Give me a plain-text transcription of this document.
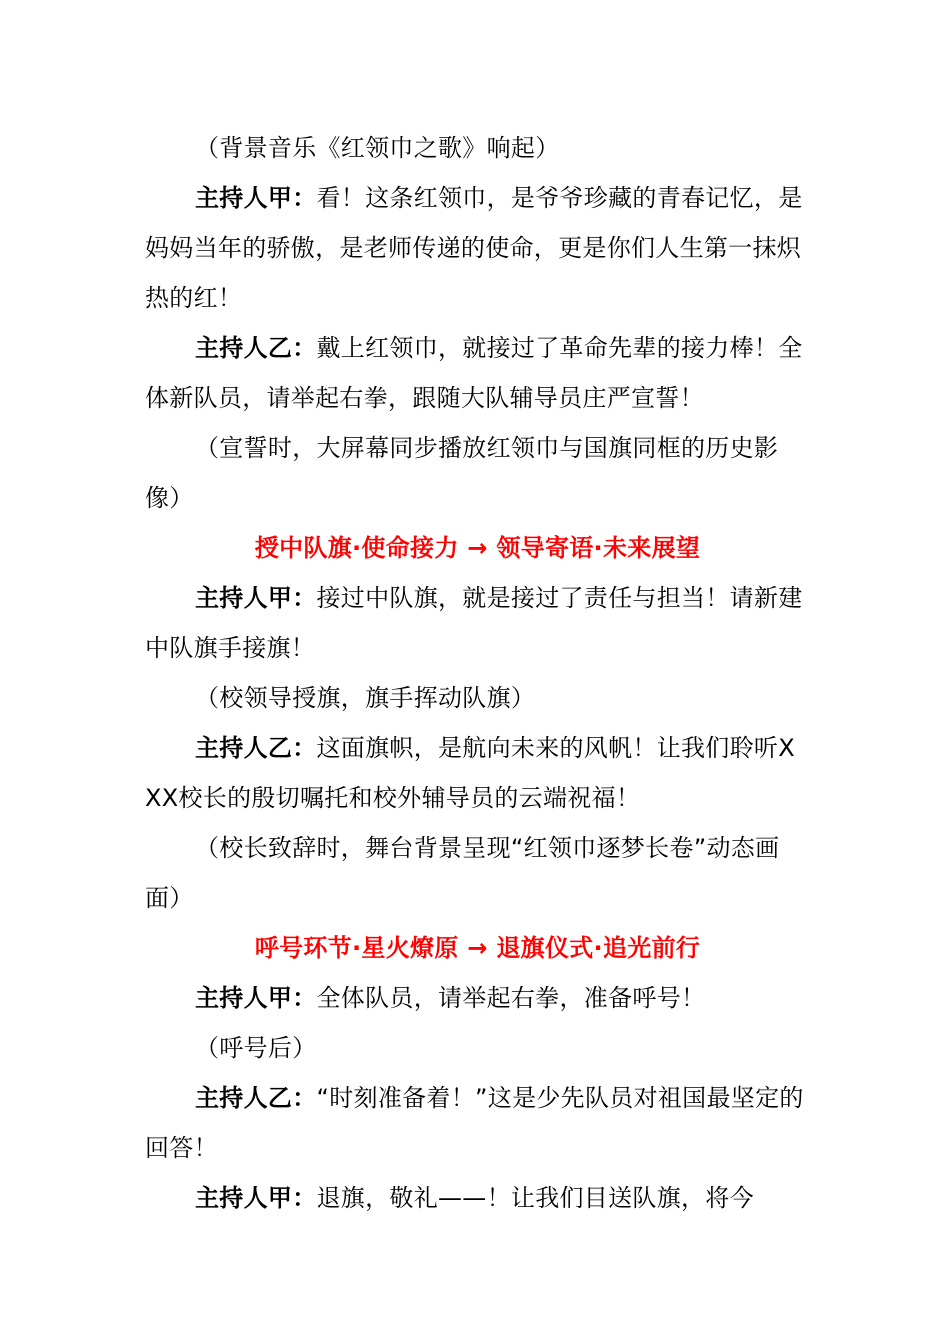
（背景音乐《红领巾之歌》响起）

主持人甲：看！这条红领巾，是爷爷珍藏的青春记忆，是妈妈当年的骄傲，是老师传递的使命，更是你们人生第一抹炽热的红！

主持人乙：戴上红领巾，就接过了革命先辈的接力棒！全体新队员，请举起右拳，跟随大队辅导员庄严宣誓！

（宣誓时，大屏幕同步播放红领巾与国旗同框的历史影像）

授中队旗·使命接力 → 领导寄语·未来展望

主持人甲：接过中队旗，就是接过了责任与担当！请新建中队旗手接旗！

（校领导授旗，旗手挥动队旗）

主持人乙：这面旗帜，是航向未来的风帆！让我们聆听XXX校长的殷切嘱托和校外辅导员的云端祝福！

（校长致辞时，舞台背景呈现“红领巾逐梦长卷”动态画面）

呼号环节·星火燎原 → 退旗仪式·追光前行

主持人甲：全体队员，请举起右拳，准备呼号！

（呼号后）

主持人乙：“时刻准备着！”这是少先队员对祖国最坚定的回答！

主持人甲：退旗，敬礼——！让我们目送队旗，将今
